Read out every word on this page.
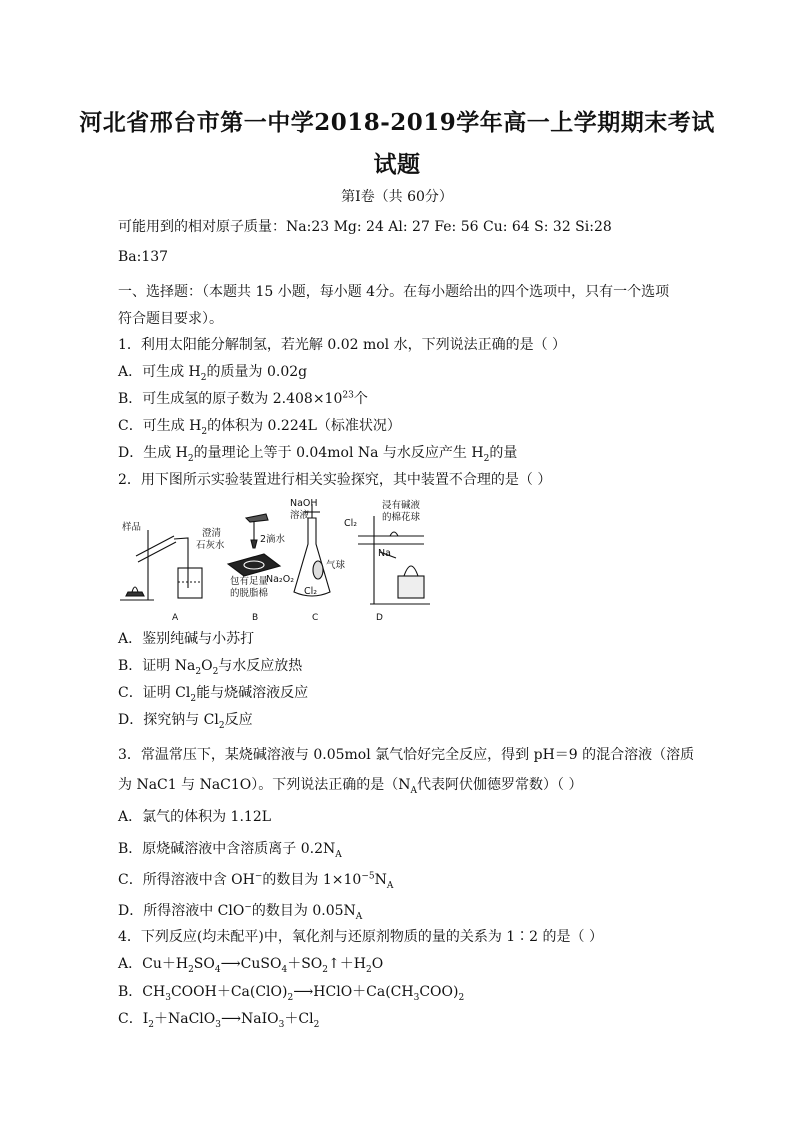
河北省邢台市第一中学2018-2019学年高一上学期期末考试
试题
第Ⅰ卷（共 60分）
可能用到的相对原子质量：Na:23 Mg: 24 Al: 27 Fe: 56 Cu: 64 S: 32 Si:28
Ba:137
一、选择题：（本题共 15 小题，每小题 4分。在每小题给出的四个选项中，只有一个选项
符合题目要求）。
1．利用太阳能分解制氢，若光解 0.02 mol 水，下列说法正确的是（ ）
A．可生成 $H_2$的质量为 0.02g
B．可生成氢的原子数为 $2.408\times 10^{23}$个
C．可生成 $H_2$的体积为 0.224L（标准状况）
D．生成 $H_2$的量理论上等于 0.04mol Na 与水反应产生 $H_2$的量
2．用下图所示实验装置进行相关实验探究，其中装置不合理的是（ ）
样品
澄清
石灰水
2滴水
包有足量
的脱脂棉
Na₂O₂
NaOH
溶液
气球
Cl₂
Cl₂
浸有碱液
的棉花球
Na
A	B	C	D
A．鉴别纯碱与小苏打
B．证明 $Na_2O_2$与水反应放热
C．证明 $Cl_2$能与烧碱溶液反应
D．探究钠与 $Cl_2$反应
3．常温常压下，某烧碱溶液与 0.05mol 氯气恰好完全反应，得到 pH＝9 的混合溶液（溶质
为 NaC1 与 NaC1O）。下列说法正确的是（$N_A$代表阿伏伽德罗常数）（ ）
A．氯气的体积为 1.12L
B．原烧碱溶液中含溶质离子 $0.2N_A$
C．所得溶液中含 OH−的数目为 $1\times 10^{-5}N_A$
D．所得溶液中 ClO−的数目为 $0.05N_A$
4．下列反应(均未配平)中，氧化剂与还原剂物质的量的关系为 1∶2 的是（ ）
A．$Cu+H_2SO_4⟶CuSO_4+SO_2↑+H_2O$
B．$CH_3COOH+Ca(ClO)_2⟶HClO+Ca(CH_3COO)_2$
C．$I_2+NaClO_3⟶NaIO_3+Cl_2$
